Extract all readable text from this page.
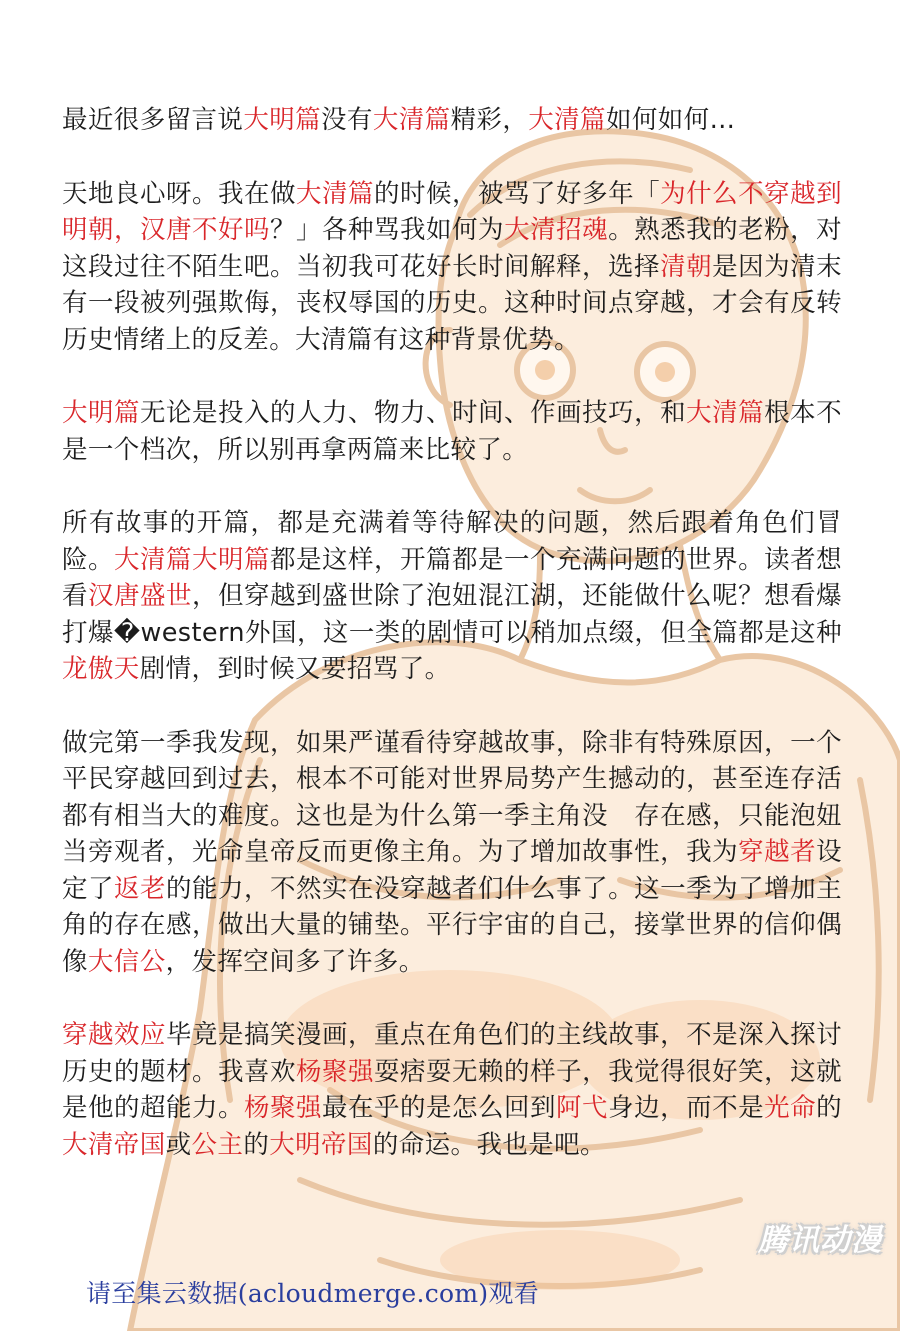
最近很多留言说大明篇没有大清篇精彩，大清篇如何如何…

天地良心呀。我在做大清篇的时候，被骂了好多年「为什么不穿越到明朝，汉唐不好吗？」各种骂我如何为大清招魂。熟悉我的老粉，对这段过往不陌生吧。当初我可花好长时间解释，选择清朝是因为清末有一段被列强欺侮，丧权辱国的历史。这种时间点穿越，才会有反转历史情绪上的反差。大清篇有这种背景优势。

大明篇无论是投入的人力、物力、时间、作画技巧，和大清篇根本不是一个档次，所以别再拿两篇来比较了。

所有故事的开篇，都是充满着等待解决的问题，然后跟着角色们冒险。大清篇大明篇都是这样，开篇都是一个充满问题的世界。读者想看汉唐盛世，但穿越到盛世除了泡妞混江湖，还能做什么呢？想看爆打爆�western外国，这一类的剧情可以稍加点缀，但全篇都是这种龙傲天剧情，到时候又要招骂了。

做完第一季我发现，如果严谨看待穿越故事，除非有特殊原因，一个平民穿越回到过去，根本不可能对世界局势产生撼动的，甚至连存活都有相当大的难度。这也是为什么第一季主角没　存在感，只能泡妞当旁观者，光命皇帝反而更像主角。为了增加故事性，我为穿越者设定了返老的能力，不然实在没穿越者们什么事了。这一季为了增加主角的存在感，做出大量的铺垫。平行宇宙的自己，接掌世界的信仰偶像大信公，发挥空间多了许多。

穿越效应毕竟是搞笑漫画，重点在角色们的主线故事，不是深入探讨历史的题材。我喜欢杨聚强耍痞耍无赖的样子，我觉得很好笑，这就是他的超能力。杨聚强最在乎的是怎么回到阿弋身边，而不是光命的大清帝国或公主的大明帝国的命运。我也是吧。

腾讯动漫
请至集云数据(acloudmerge.com)观看
